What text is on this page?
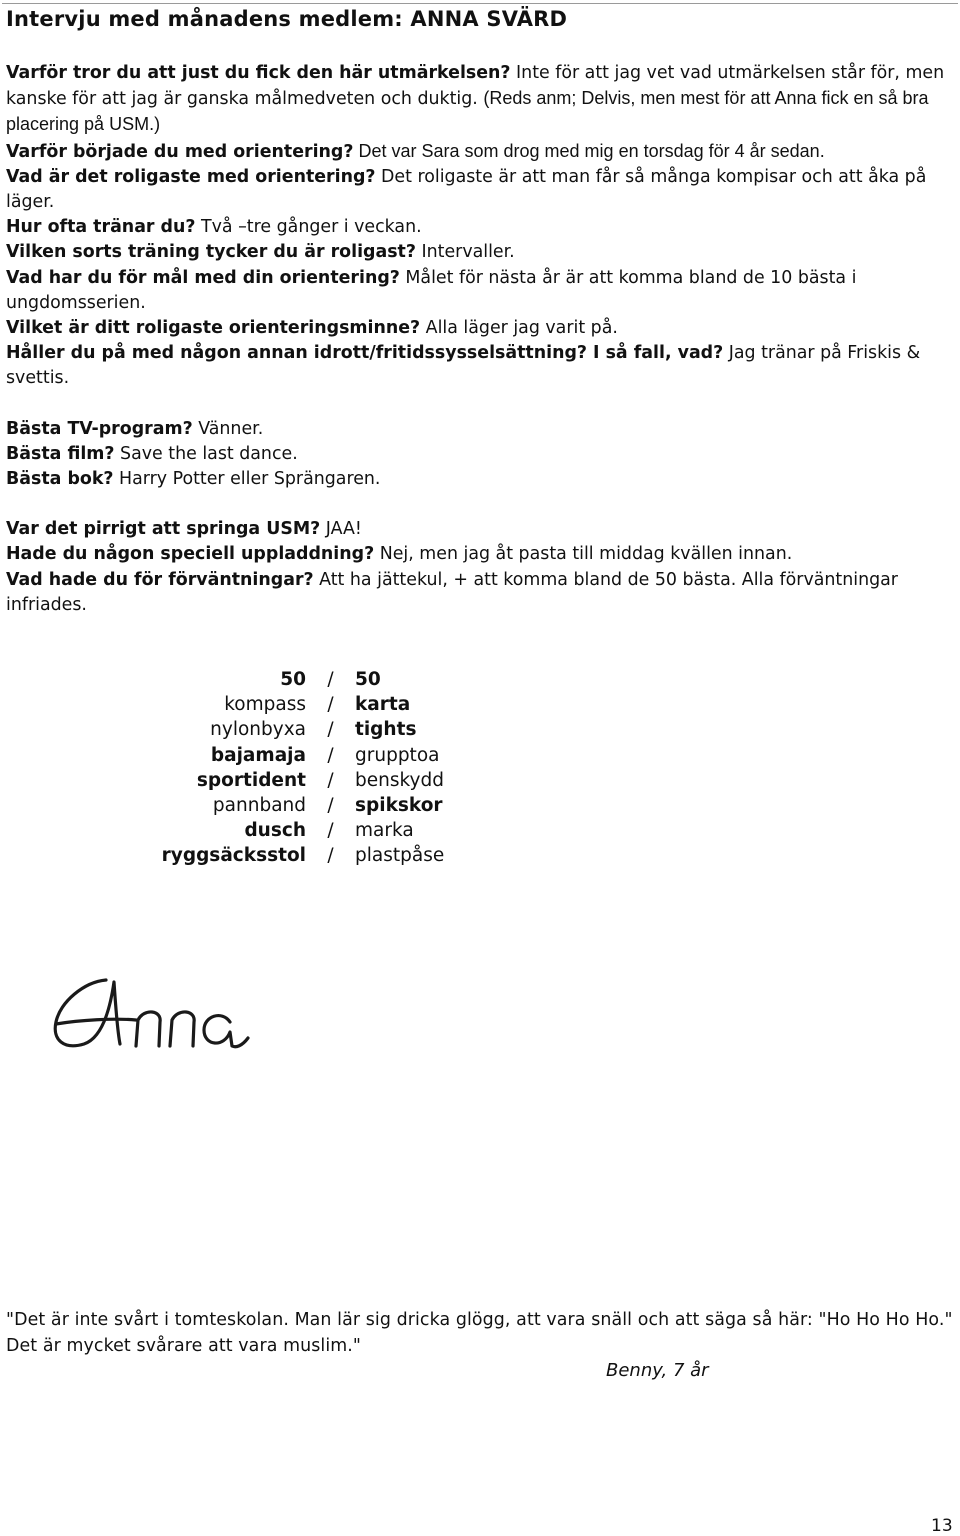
Intervju med månadens medlem: ANNA SVÄRD

Varför tror du att just du fick den här utmärkelsen? Inte för att jag vet vad utmärkelsen står för, men kanske för att jag är ganska målmedveten och duktig. (Reds anm; Delvis, men mest för att Anna fick en så bra placering på USM.)

Varför började du med orientering? Det var Sara som drog med mig en torsdag för 4 år sedan.

Vad är det roligaste med orientering? Det roligaste är att man får så många kompisar och att åka på läger.

Hur ofta tränar du? Två –tre gånger i veckan.

Vilken sorts träning tycker du är roligast? Intervaller.

Vad har du för mål med din orientering? Målet för nästa år är att komma bland de 10 bästa i ungdomsserien.

Vilket är ditt roligaste orienteringsminne? Alla läger jag varit på.

Håller du på med någon annan idrott/fritidssysselsättning? I så fall, vad? Jag tränar på Friskis & svettis.

Bästa TV-program? Vänner.

Bästa film? Save the last dance.

Bästa bok? Harry Potter eller Sprängaren.

Var det pirrigt att springa USM? JAA!

Hade du någon speciell uppladdning? Nej, men jag åt pasta till middag kvällen innan.

Vad hade du för förväntningar? Att ha jättekul, + att komma bland de 50 bästa. Alla förväntningar infriades.

50	/	50
kompass	/	karta
nylonbyxa	/	tights
bajamaja	/	grupptoa
sportident	/	benskydd
pannband	/	spikskor
dusch	/	marka
ryggsäcksstol	/	plastpåse

"Det är inte svårt i tomteskolan. Man lär sig dricka glögg, att vara snäll och att säga så här: "Ho Ho Ho Ho." Det är mycket svårare att vara muslim."

Benny, 7 år
13
